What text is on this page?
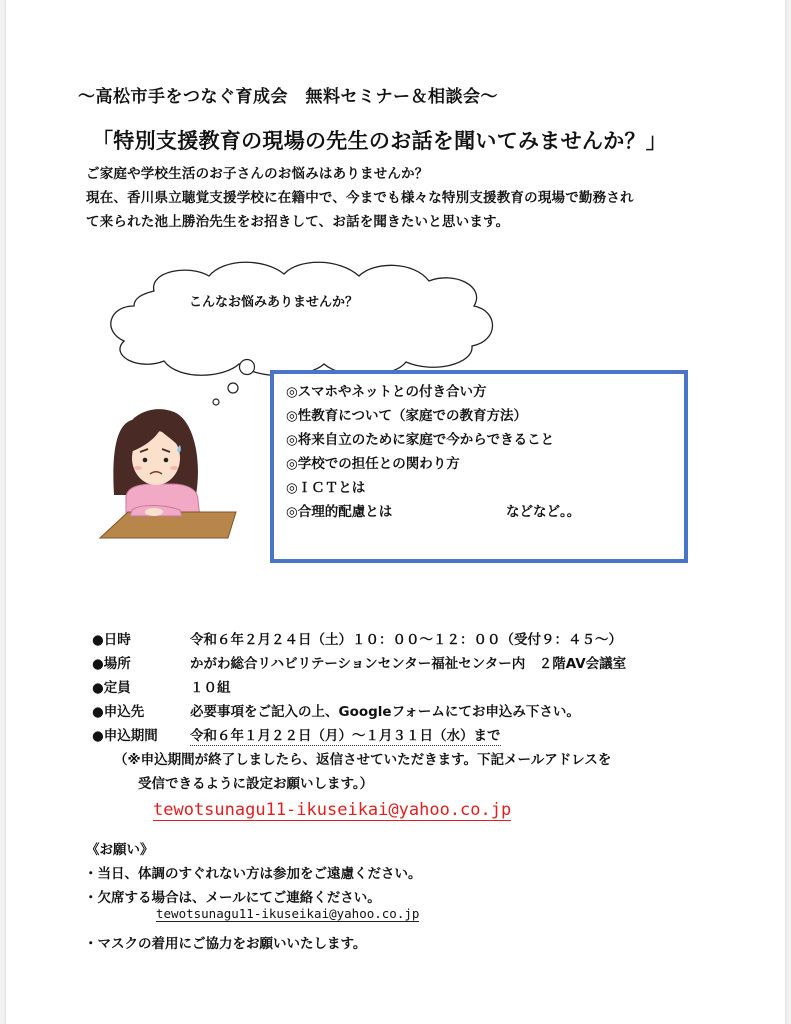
～高松市手をつなぐ育成会　無料セミナー＆相談会～
「特別支援教育の現場の先生のお話を聞いてみませんか？」
ご家庭や学校生活のお子さんのお悩みはありませんか？
現在、香川県立聴覚支援学校に在籍中で、今までも様々な特別支援教育の現場で勤務され
て来られた池上勝治先生をお招きして、お話を聞きたいと思います。
こんなお悩みありませんか？
◎スマホやネットとの付き合い方
◎性教育について（家庭での教育方法）
◎将来自立のために家庭で今からできること
◎学校での担任との関わり方
◎ＩＣＴとは
◎合理的配慮とは	などなど。。
●日時	令和６年２月２４日（土）１０：００～１２：００（受付９：４５～）
●場所	かがわ総合リハビリテーションセンター福祉センター内　２階AV会議室
●定員	１０組
●申込先	必要事項をご記入の上、Googleフォームにてお申込み下さい。
●申込期間 令和６年１月２２日（月）～１月３１日（水）まで
（※申込期間が終了しましたら、返信させていただきます。下記メールアドレスを
受信できるように設定お願いします。）
tewotsunagu11-ikuseikai@yahoo.co.jp
《お願い》
・当日、体調のすぐれない方は参加をご遠慮ください。
・欠席する場合は、メールにてご連絡ください。
tewotsunagu11-ikuseikai@yahoo.co.jp
・マスクの着用にご協力をお願いいたします。
